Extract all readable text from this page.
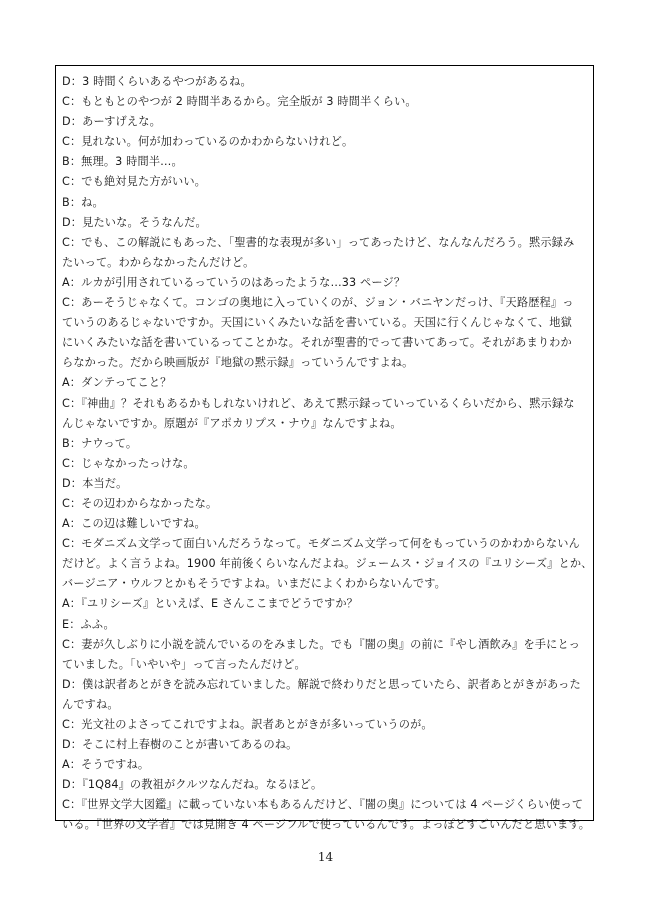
D：3 時間くらいあるやつがあるね。
C：もともとのやつが 2 時間半あるから。完全版が 3 時間半くらい。
D：あーすげえな。
C：見れない。何が加わっているのかわからないけれど。
B：無理。3 時間半…。
C：でも絶対見た方がいい。
B：ね。
D：見たいな。そうなんだ。
C：でも、この解説にもあった、「聖書的な表現が多い」ってあったけど、なんなんだろう。黙示録み
たいって。わからなかったんだけど。
A：ルカが引用されているっていうのはあったような…33 ページ？
C：あーそうじゃなくて。コンゴの奥地に入っていくのが、ジョン・バニヤンだっけ、『天路歴程』っ
ていうのあるじゃないですか。天国にいくみたいな話を書いている。天国に行くんじゃなくて、地獄
にいくみたいな話を書いているってことかな。それが聖書的でって書いてあって。それがあまりわか
らなかった。だから映画版が『地獄の黙示録』っていうんですよね。
A：ダンテってこと？
C：『神曲』？それもあるかもしれないけれど、あえて黙示録っていっているくらいだから、黙示録な
んじゃないですか。原題が『アポカリプス・ナウ』なんですよね。
B：ナウって。
C：じゃなかったっけな。
D：本当だ。
C：その辺わからなかったな。
A：この辺は難しいですね。
C：モダニズム文学って面白いんだろうなって。モダニズム文学って何をもっていうのかわからないん
だけど。よく言うよね。1900 年前後くらいなんだよね。ジェームス・ジョイスの『ユリシーズ』とか、
バージニア・ウルフとかもそうですよね。いまだによくわからないんです。
A：『ユリシーズ』といえば、E さんここまでどうですか？
E：ふふ。
C：妻が久しぶりに小説を読んでいるのをみました。でも『闇の奥』の前に『やし酒飲み』を手にとっ
ていました。「いやいや」って言ったんだけど。
D：僕は訳者あとがきを読み忘れていました。解説で終わりだと思っていたら、訳者あとがきがあった
んですね。
C：光文社のよさってこれですよね。訳者あとがきが多いっていうのが。
D：そこに村上春樹のことが書いてあるのね。
A：そうですね。
D：『1Q84』の教祖がクルツなんだね。なるほど。
C：『世界文学大図鑑』に載っていない本もあるんだけど、『闇の奥』については 4 ページくらい使って
いる。『世界の文学者』では見開き 4 ページフルで使っているんです。よっぽどすごいんだと思います。
14
